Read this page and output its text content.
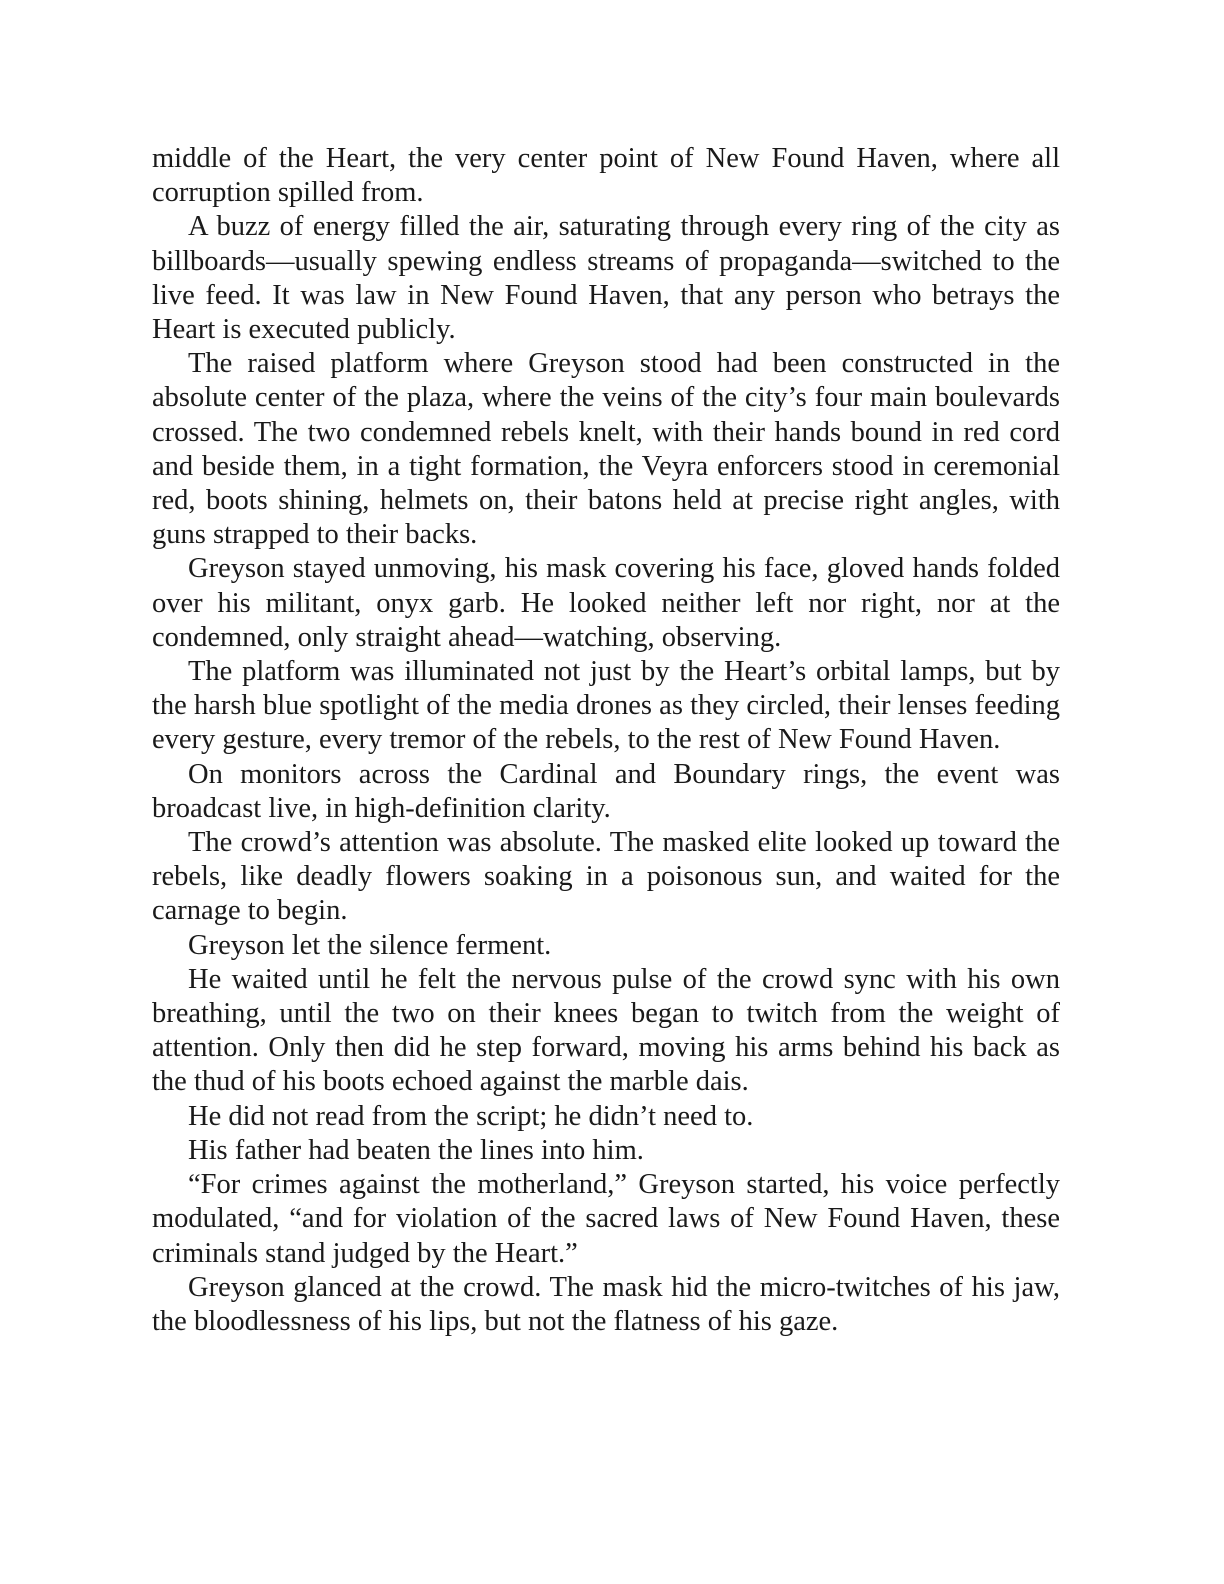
middle of the Heart, the very center point of New Found Haven, where all corruption spilled from.

A buzz of energy filled the air, saturating through every ring of the city as billboards—usually spewing endless streams of propaganda—switched to the live feed. It was law in New Found Haven, that any person who betrays the Heart is executed publicly.

The raised platform where Greyson stood had been constructed in the absolute center of the plaza, where the veins of the city’s four main boulevards crossed. The two condemned rebels knelt, with their hands bound in red cord and beside them, in a tight formation, the Veyra enforcers stood in ceremonial red, boots shining, helmets on, their batons held at precise right angles, with guns strapped to their backs.

Greyson stayed unmoving, his mask covering his face, gloved hands folded over his militant, onyx garb. He looked neither left nor right, nor at the condemned, only straight ahead—watching, observing.

The platform was illuminated not just by the Heart’s orbital lamps, but by the harsh blue spotlight of the media drones as they circled, their lenses feeding every gesture, every tremor of the rebels, to the rest of New Found Haven.

On monitors across the Cardinal and Boundary rings, the event was broadcast live, in high-definition clarity.

The crowd’s attention was absolute. The masked elite looked up toward the rebels, like deadly flowers soaking in a poisonous sun, and waited for the carnage to begin.

Greyson let the silence ferment.

He waited until he felt the nervous pulse of the crowd sync with his own breathing, until the two on their knees began to twitch from the weight of attention. Only then did he step forward, moving his arms behind his back as the thud of his boots echoed against the marble dais.

He did not read from the script; he didn’t need to.

His father had beaten the lines into him.

“For crimes against the motherland,” Greyson started, his voice perfectly modulated, “and for violation of the sacred laws of New Found Haven, these criminals stand judged by the Heart.”

Greyson glanced at the crowd. The mask hid the micro-twitches of his jaw, the bloodlessness of his lips, but not the flatness of his gaze.
